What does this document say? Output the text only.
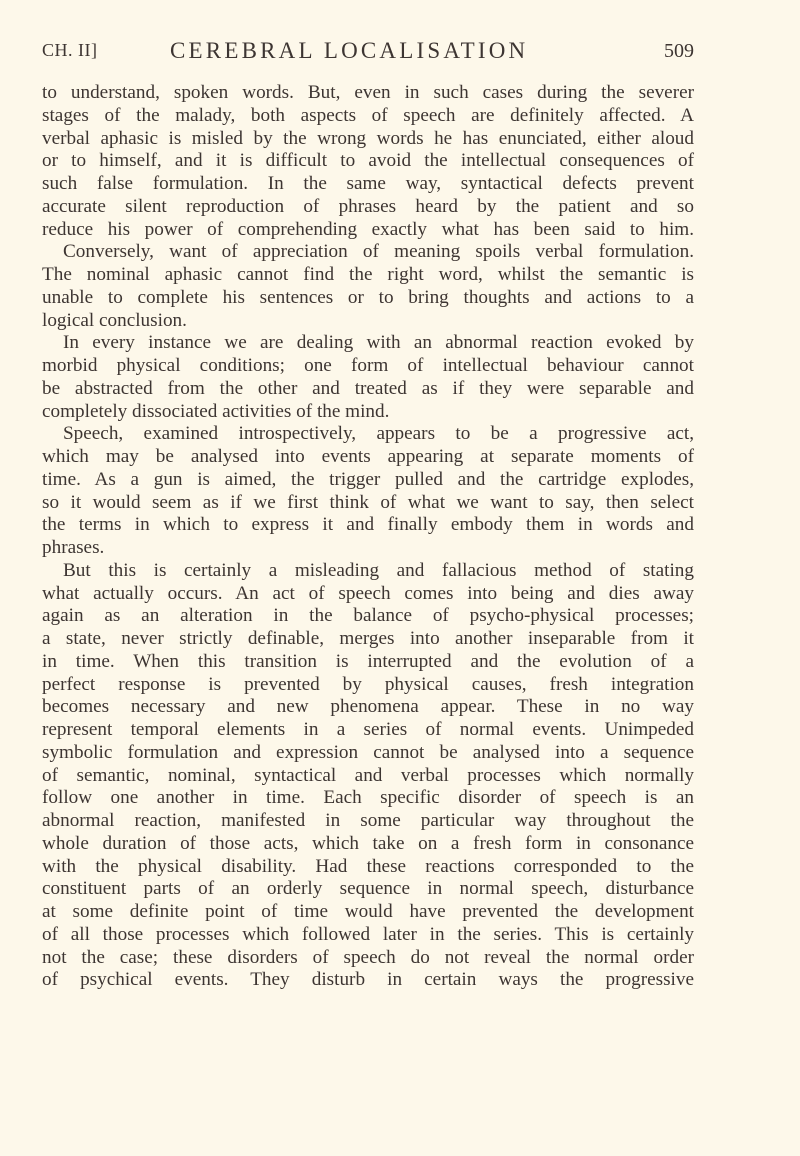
CH. II]	CEREBRAL LOCALISATION	509
to understand, spoken words. But, even in such cases during the severer
stages of the malady, both aspects of speech are definitely affected. A
verbal aphasic is misled by the wrong words he has enunciated, either aloud
or to himself, and it is difficult to avoid the intellectual consequences of
such false formulation. In the same way, syntactical defects prevent
accurate silent reproduction of phrases heard by the patient and so
reduce his power of comprehending exactly what has been said to him.
Conversely, want of appreciation of meaning spoils verbal formulation.
The nominal aphasic cannot find the right word, whilst the semantic is
unable to complete his sentences or to bring thoughts and actions to a
logical conclusion.
In every instance we are dealing with an abnormal reaction evoked by
morbid physical conditions; one form of intellectual behaviour cannot
be abstracted from the other and treated as if they were separable and
completely dissociated activities of the mind.
Speech, examined introspectively, appears to be a progressive act,
which may be analysed into events appearing at separate moments of
time. As a gun is aimed, the trigger pulled and the cartridge explodes,
so it would seem as if we first think of what we want to say, then select
the terms in which to express it and finally embody them in words and
phrases.
But this is certainly a misleading and fallacious method of stating
what actually occurs. An act of speech comes into being and dies away
again as an alteration in the balance of psycho-physical processes;
a state, never strictly definable, merges into another inseparable from it
in time. When this transition is interrupted and the evolution of a
perfect response is prevented by physical causes, fresh integration
becomes necessary and new phenomena appear. These in no way
represent temporal elements in a series of normal events. Unimpeded
symbolic formulation and expression cannot be analysed into a sequence
of semantic, nominal, syntactical and verbal processes which normally
follow one another in time. Each specific disorder of speech is an
abnormal reaction, manifested in some particular way throughout the
whole duration of those acts, which take on a fresh form in consonance
with the physical disability. Had these reactions corresponded to the
constituent parts of an orderly sequence in normal speech, disturbance
at some definite point of time would have prevented the development
of all those processes which followed later in the series. This is certainly
not the case; these disorders of speech do not reveal the normal order
of psychical events. They disturb in certain ways the progressive
